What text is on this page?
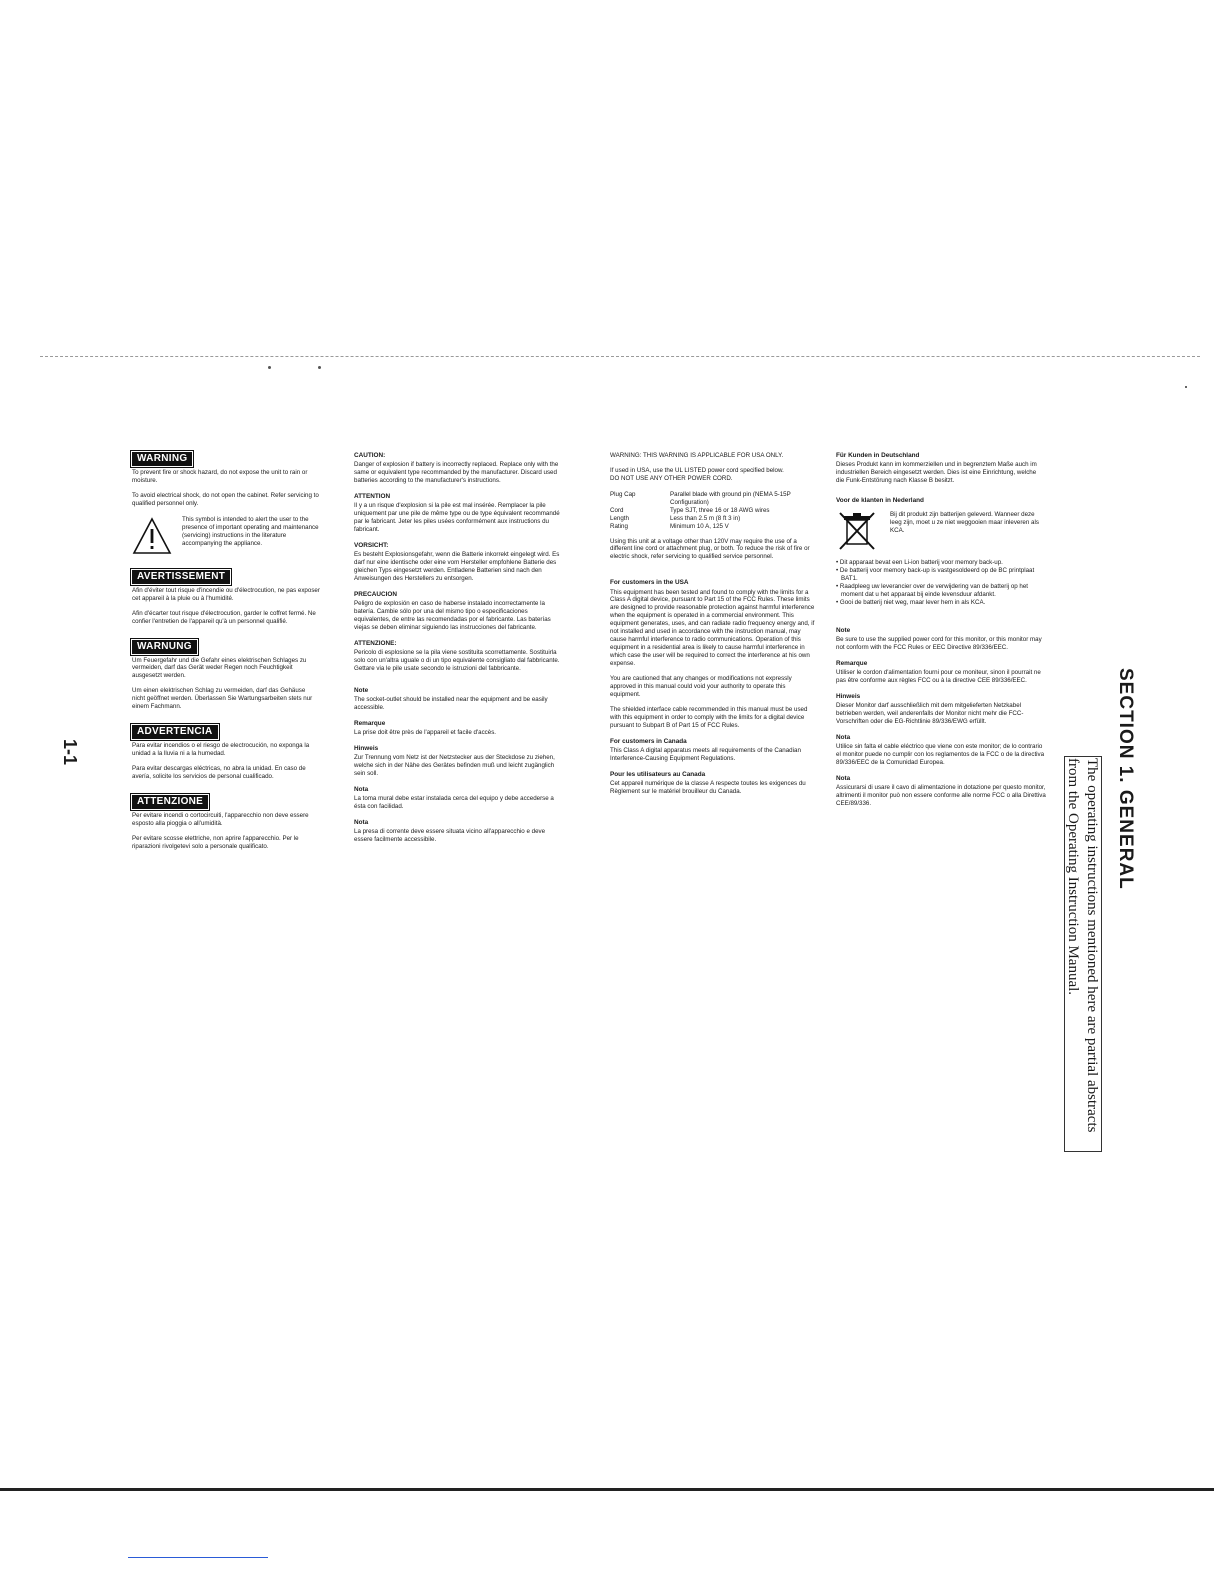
1-1
WARNING

To prevent fire or shock hazard, do not expose the unit to rain or moisture.

To avoid electrical shock, do not open the cabinet. Refer servicing to qualified personnel only.

This symbol is intended to alert the user to the presence of important operating and maintenance (servicing) instructions in the literature accompanying the appliance.

AVERTISSEMENT

Afin d'éviter tout risque d'incendie ou d'électrocution, ne pas exposer cet appareil à la pluie ou à l'humidité.

Afin d'écarter tout risque d'électrocution, garder le coffret fermé. Ne confier l'entretien de l'appareil qu'à un personnel qualifié.

WARNUNG

Um Feuergefahr und die Gefahr eines elektrischen Schlages zu vermeiden, darf das Gerät weder Regen noch Feuchtigkeit ausgesetzt werden.

Um einen elektrischen Schlag zu vermeiden, darf das Gehäuse nicht geöffnet werden. Überlassen Sie Wartungsarbeiten stets nur einem Fachmann.

ADVERTENCIA

Para evitar incendios o el riesgo de electrocución, no exponga la unidad a la lluvia ni a la humedad.

Para evitar descargas eléctricas, no abra la unidad. En caso de avería, solicite los servicios de personal cualificado.

ATTENZIONE

Per evitare incendi o cortocircuiti, l'apparecchio non deve essere esposto alla pioggia o all'umidità.

Per evitare scosse elettriche, non aprire l'apparecchio. Per le riparazioni rivolgetevi solo a personale qualificato.

CAUTION:

Danger of explosion if battery is incorrectly replaced. Replace only with the same or equivalent type recommanded by the manufacturer. Discard used batteries according to the manufacturer's instructions.

ATTENTION

Il y a un risque d'explosion si la pile est mal insérée. Remplacer la pile uniquement par une pile de même type ou de type équivalent recommandé par le fabricant. Jeter les piles usées conformément aux instructions du fabricant.

VORSICHT:

Es besteht Explosionsgefahr, wenn die Batterie inkorrekt eingelegt wird. Es darf nur eine identische oder eine vom Hersteller empfohlene Batterie des gleichen Typs eingesetzt werden. Entladene Batterien sind nach den Anweisungen des Herstellers zu entsorgen.

PRECAUCION

Peligro de explosión en caso de haberse instalado incorrectamente la batería. Cambie sólo por una del mismo tipo o especificaciones equivalentes, de entre las recomendadas por el fabricante. Las baterías viejas se deben eliminar siguiendo las instrucciones del fabricante.

ATTENZIONE:

Pericolo di esplosione se la pila viene sostituita scorrettamente. Sostituirla solo con un'altra uguale o di un tipo equivalente consigliato dal fabbricante. Gettare via le pile usate secondo le istruzioni del fabbricante.

Note

The socket-outlet should be installed near the equipment and be easily accessible.

Remarque

La prise doit être près de l'appareil et facile d'accès.

Hinweis

Zur Trennung vom Netz ist der Netzstecker aus der Steckdose zu ziehen, welche sich in der Nähe des Gerätes befinden muß und leicht zugänglich sein soll.

Nota

La toma mural debe estar instalada cerca del equipo y debe accederse a ésta con facilidad.

Nota

La presa di corrente deve essere situata vicino all'apparecchio e deve essere facilmente accessibile.

WARNING: THIS WARNING IS APPLICABLE FOR USA ONLY.

If used in USA, use the UL LISTED power cord specified below.

DO NOT USE ANY OTHER POWER CORD.

Plug Cap	Parallel blade with ground pin (NEMA 5-15P Configuration)
Cord	Type SJT, three 16 or 18 AWG wires
Length	Less than 2.5 m (8 ft 3 in)
Rating	Minimum 10 A, 125 V

Using this unit at a voltage other than 120V may require the use of a different line cord or attachment plug, or both. To reduce the risk of fire or electric shock, refer servicing to qualified service personnel.

For customers in the USA

This equipment has been tested and found to comply with the limits for a Class A digital device, pursuant to Part 15 of the FCC Rules. These limits are designed to provide reasonable protection against harmful interference when the equipment is operated in a commercial environment. This equipment generates, uses, and can radiate radio frequency energy and, if not installed and used in accordance with the instruction manual, may cause harmful interference to radio communications. Operation of this equipment in a residential area is likely to cause harmful interference in which case the user will be required to correct the interference at his own expense.

You are cautioned that any changes or modifications not expressly approved in this manual could void your authority to operate this equipment.

The shielded interface cable recommended in this manual must be used with this equipment in order to comply with the limits for a digital device pursuant to Subpart B of Part 15 of FCC Rules.

For customers in Canada

This Class A digital apparatus meets all requirements of the Canadian Interference-Causing Equipment Regulations.

Pour les utilisateurs au Canada

Cet appareil numérique de la classe A respecte toutes les exigences du Règlement sur le matériel brouilleur du Canada.

Für Kunden in Deutschland

Dieses Produkt kann im kommerziellen und in begrenztem Maße auch im industriellen Bereich eingesetzt werden. Dies ist eine Einrichtung, welche die Funk-Entstörung nach Klasse B besitzt.

Voor de klanten in Nederland

Bij dit produkt zijn batterijen geleverd. Wanneer deze leeg zijn, moet u ze niet weggooien maar inleveren als KCA.

• Dit apparaat bevat een Li-ion batterij voor memory back-up.
• De batterij voor memory back-up is vastgesoldeerd op de BC printplaat BAT1.
• Raadpleeg uw leverancier over de verwijdering van de batterij op het moment dat u het apparaat bij einde levensduur afdankt.
• Gooi de batterij niet weg, maar lever hem in als KCA.
Note

Be sure to use the supplied power cord for this monitor, or this monitor may not conform with the FCC Rules or EEC Directive 89/336/EEC.

Remarque

Utiliser le cordon d'alimentation fourni pour ce moniteur, sinon il pourrait ne pas être conforme aux règles FCC ou à la directive CEE 89/336/EEC.

Hinweis

Dieser Monitor darf ausschließlich mit dem mitgelieferten Netzkabel betrieben werden, weil anderenfalls der Monitor nicht mehr die FCC-Vorschriften oder die EG-Richtlinie 89/336/EWG erfüllt.

Nota

Utilice sin falta el cable eléctrico que viene con este monitor; de lo contrario el monitor puede no cumplir con los reglamentos de la FCC o de la directiva 89/336/EEC de la Comunidad Europea.

Nota

Assicurarsi di usare il cavo di alimentazione in dotazione per questo monitor, altrimenti il monitor può non essere conforme alle norme FCC o alla Direttiva CEE/89/336.	SECTION 1. GENERAL
The operating instructions mentioned here are partial abstracts from the Operating Instruction Manual.
